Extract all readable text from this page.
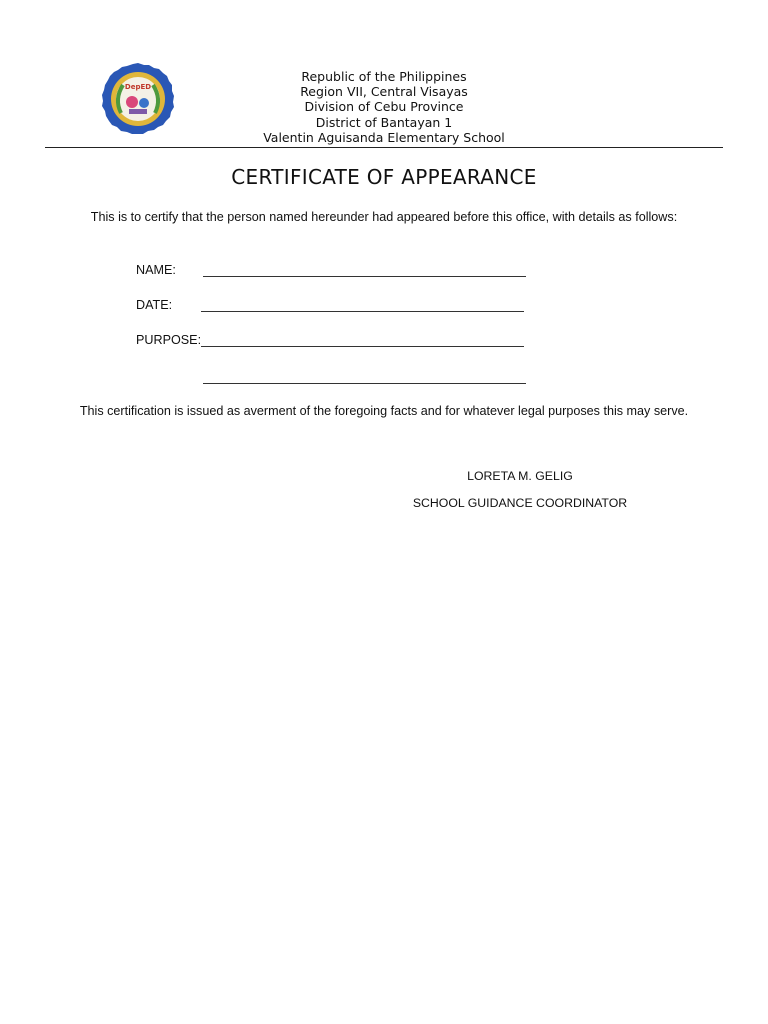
DepED
Republic of the Philippines
Region VII, Central Visayas
Division of Cebu Province
District of Bantayan 1
Valentin Aguisanda Elementary School
CERTIFICATE OF APPEARANCE
This is to certify that the person named hereunder had appeared before this office, with details as follows:
NAME:
DATE:
PURPOSE:
This certification is issued as averment of the foregoing facts and for whatever legal purposes this may serve.
LORETA M. GELIG
SCHOOL GUIDANCE COORDINATOR
